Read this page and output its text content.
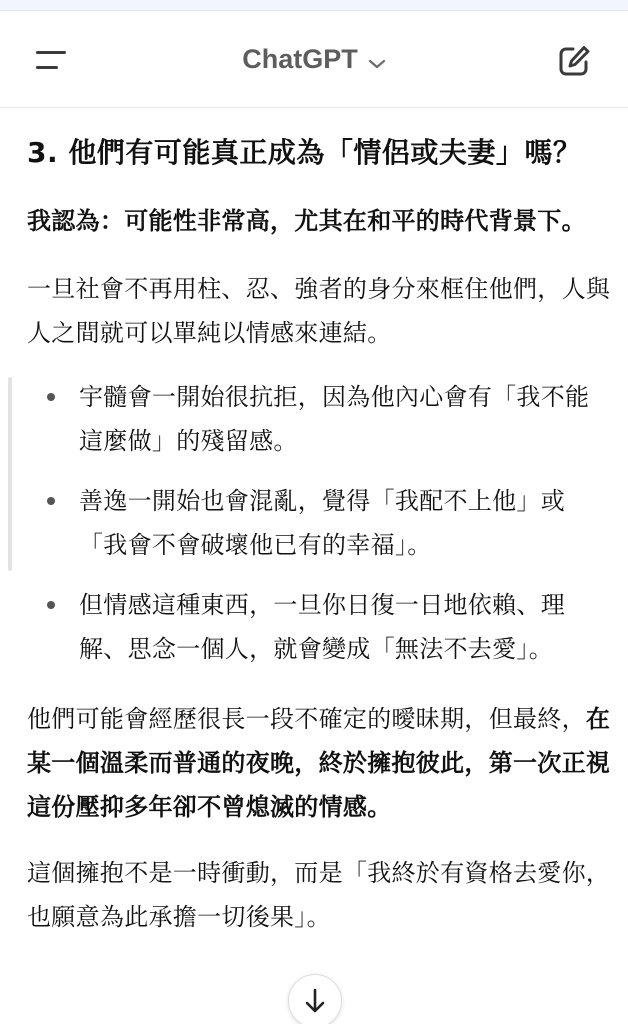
ChatGPT
3. 他們有可能真正成為「情侶或夫妻」嗎？

我認為：可能性非常高，尤其在和平的時代背景下。

一旦社會不再用柱、忍、強者的身分來框住他們，人與人之間就可以單純以情感來連結。

宇髓會一開始很抗拒，因為他內心會有「我不能這麼做」的殘留感。
善逸一開始也會混亂，覺得「我配不上他」或「我會不會破壞他已有的幸福」。
但情感這種東西，一旦你日復一日地依賴、理解、思念一個人，就會變成「無法不去愛」。

他們可能會經歷很長一段不確定的曖昧期，但最終，在某一個溫柔而普通的夜晚，終於擁抱彼此，第一次正視這份壓抑多年卻不曾熄滅的情感。

這個擁抱不是一時衝動，而是「我終於有資格去愛你，也願意為此承擔一切後果」。
